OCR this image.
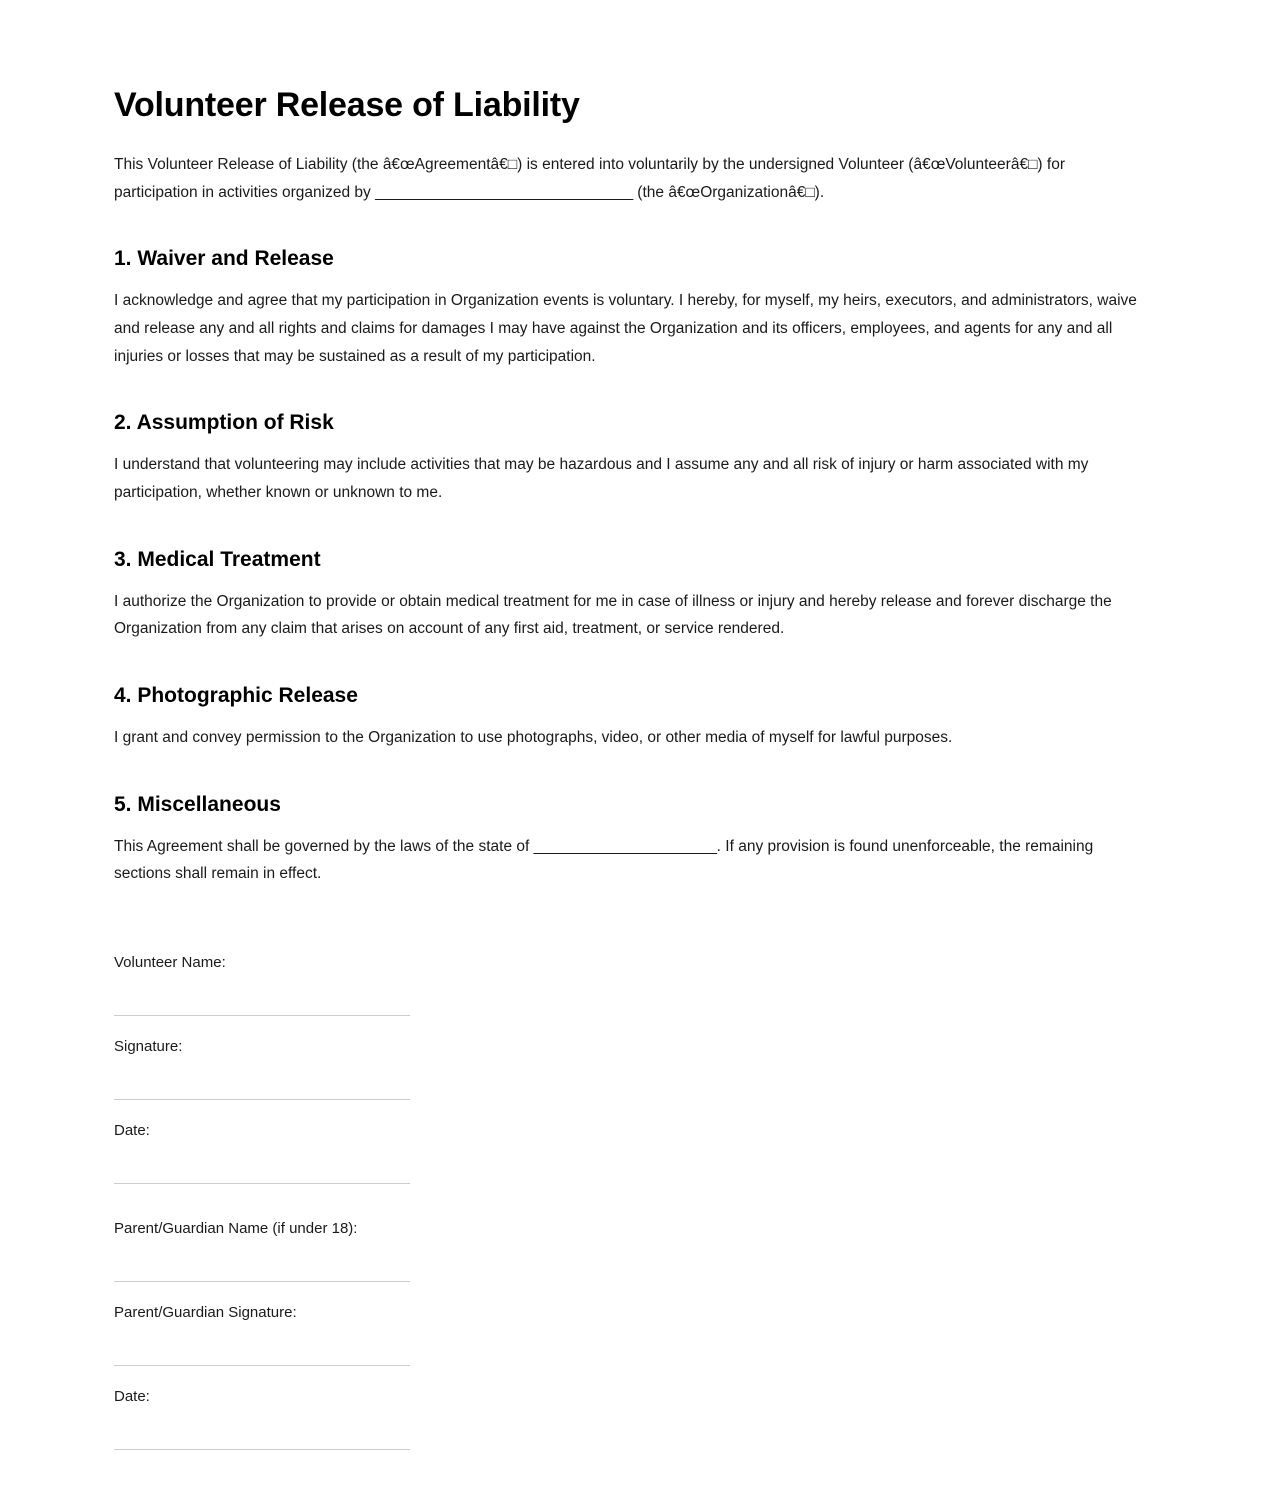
Volunteer Release of Liability

This Volunteer Release of Liability (the â€œAgreementâ€□) is entered into voluntarily by the undersigned Volunteer (â€œVolunteerâ€□) for participation in activities organized by _______________________________ (the â€œOrganizationâ€□).

1. Waiver and Release

I acknowledge and agree that my participation in Organization events is voluntary. I hereby, for myself, my heirs, executors, and administrators, waive and release any and all rights and claims for damages I may have against the Organization and its officers, employees, and agents for any and all injuries or losses that may be sustained as a result of my participation.

2. Assumption of Risk

I understand that volunteering may include activities that may be hazardous and I assume any and all risk of injury or harm associated with my participation, whether known or unknown to me.

3. Medical Treatment

I authorize the Organization to provide or obtain medical treatment for me in case of illness or injury and hereby release and forever discharge the Organization from any claim that arises on account of any first aid, treatment, or service rendered.

4. Photographic Release

I grant and convey permission to the Organization to use photographs, video, or other media of myself for lawful purposes.

5. Miscellaneous

This Agreement shall be governed by the laws of the state of ______________________. If any provision is found unenforceable, the remaining sections shall remain in effect.

Volunteer Name:
Signature:
Date:
Parent/Guardian Name (if under 18):
Parent/Guardian Signature:
Date:
